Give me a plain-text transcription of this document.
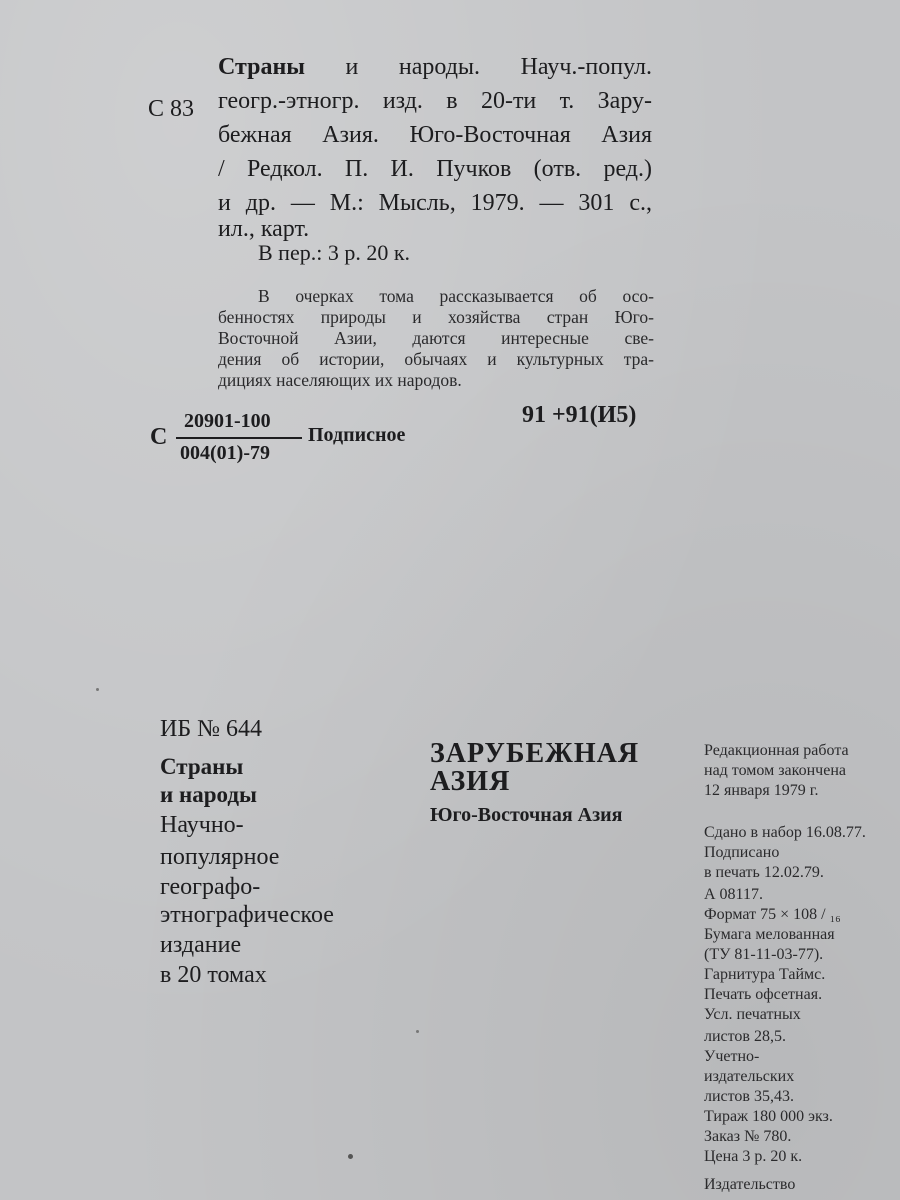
С 83
Страны и народы. Науч.-попул.
геогр.-этногр. изд. в 20-ти т. Зару-
бежная Азия. Юго-Восточная Азия
/ Редкол. П. И. Пучков (отв. ред.)
и др. — М.: Мысль, 1979. — 301 с.,
ил., карт.
В пер.: 3 р. 20 к.
В очерках тома рассказывается об осо-
бенностях природы и хозяйства стран Юго-
Восточной Азии, даются интересные све-
дения об истории, обычаях и культурных тра-
дициях населяющих их народов.
С
20901-100
004(01)-79
Подписное
91 +91(И5)
ИБ № 644
Страны
и народы
Научно-
популярное
географо-
этнографическое
издание
в 20 томах
ЗАРУБЕЖНАЯ
АЗИЯ
Юго-Восточная Азия
Редакционная работа
над томом закончена
12 января 1979 г.
Сдано в набор 16.08.77.
Подписано
в печать 12.02.79.
А 08117.
Формат 75 × 108 / ₁₆
Бумага мелованная
(ТУ 81-11-03-77).
Гарнитура Таймс.
Печать офсетная.
Усл. печатных
листов 28,5.
Учетно-
издательских
листов 35,43.
Тираж 180 000 экз.
Заказ № 780.
Цена 3 р. 20 к.
Издательство
